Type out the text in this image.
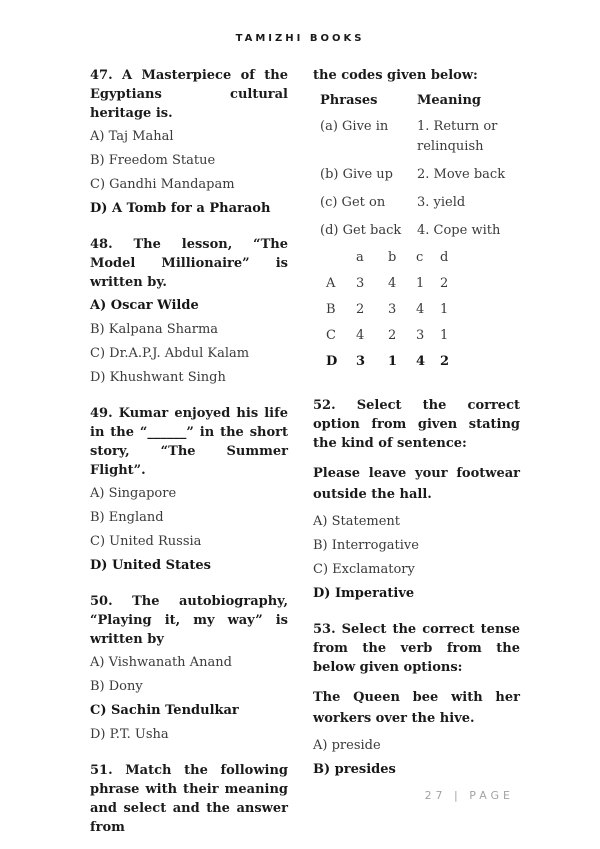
TAMIZHI BOOKS
47. A Masterpiece of the Egyptians cultural heritage is.
A) Taj Mahal
B) Freedom Statue
C) Gandhi Mandapam
D) A Tomb for a Pharaoh
48. The lesson, “The Model Millionaire” is written by.
A) Oscar Wilde
B) Kalpana Sharma
C) Dr.A.P.J. Abdul Kalam
D) Khushwant Singh
49. Kumar enjoyed his life in the “______” in the short story, “The Summer Flight”.
A) Singapore
B) England
C) United Russia
D) United States
50. The autobiography, “Playing it, my way” is written by
A) Vishwanath Anand
B) Dony
C) Sachin Tendulkar
D) P.T. Usha
51. Match the following phrase with their meaning and select and the answer from
the codes given below:
Phrases	Meaning
(a) Give in	1. Return or relinquish
(b) Give up	2. Move back
(c) Get on	3. yield
(d) Get back	4. Cope with
a	b	c	d
A	3	4	1	2
B	2	3	4	1
C	4	2	3	1
D	3	1	4	2
52. Select the correct option from given stating the kind of sentence:
Please leave your footwear outside the hall.
A) Statement
B) Interrogative
C) Exclamatory
D) Imperative
53. Select the correct tense from the verb from the below given options:
The Queen bee with her workers over the hive.
A) preside
B) presides
27 | PAGE
